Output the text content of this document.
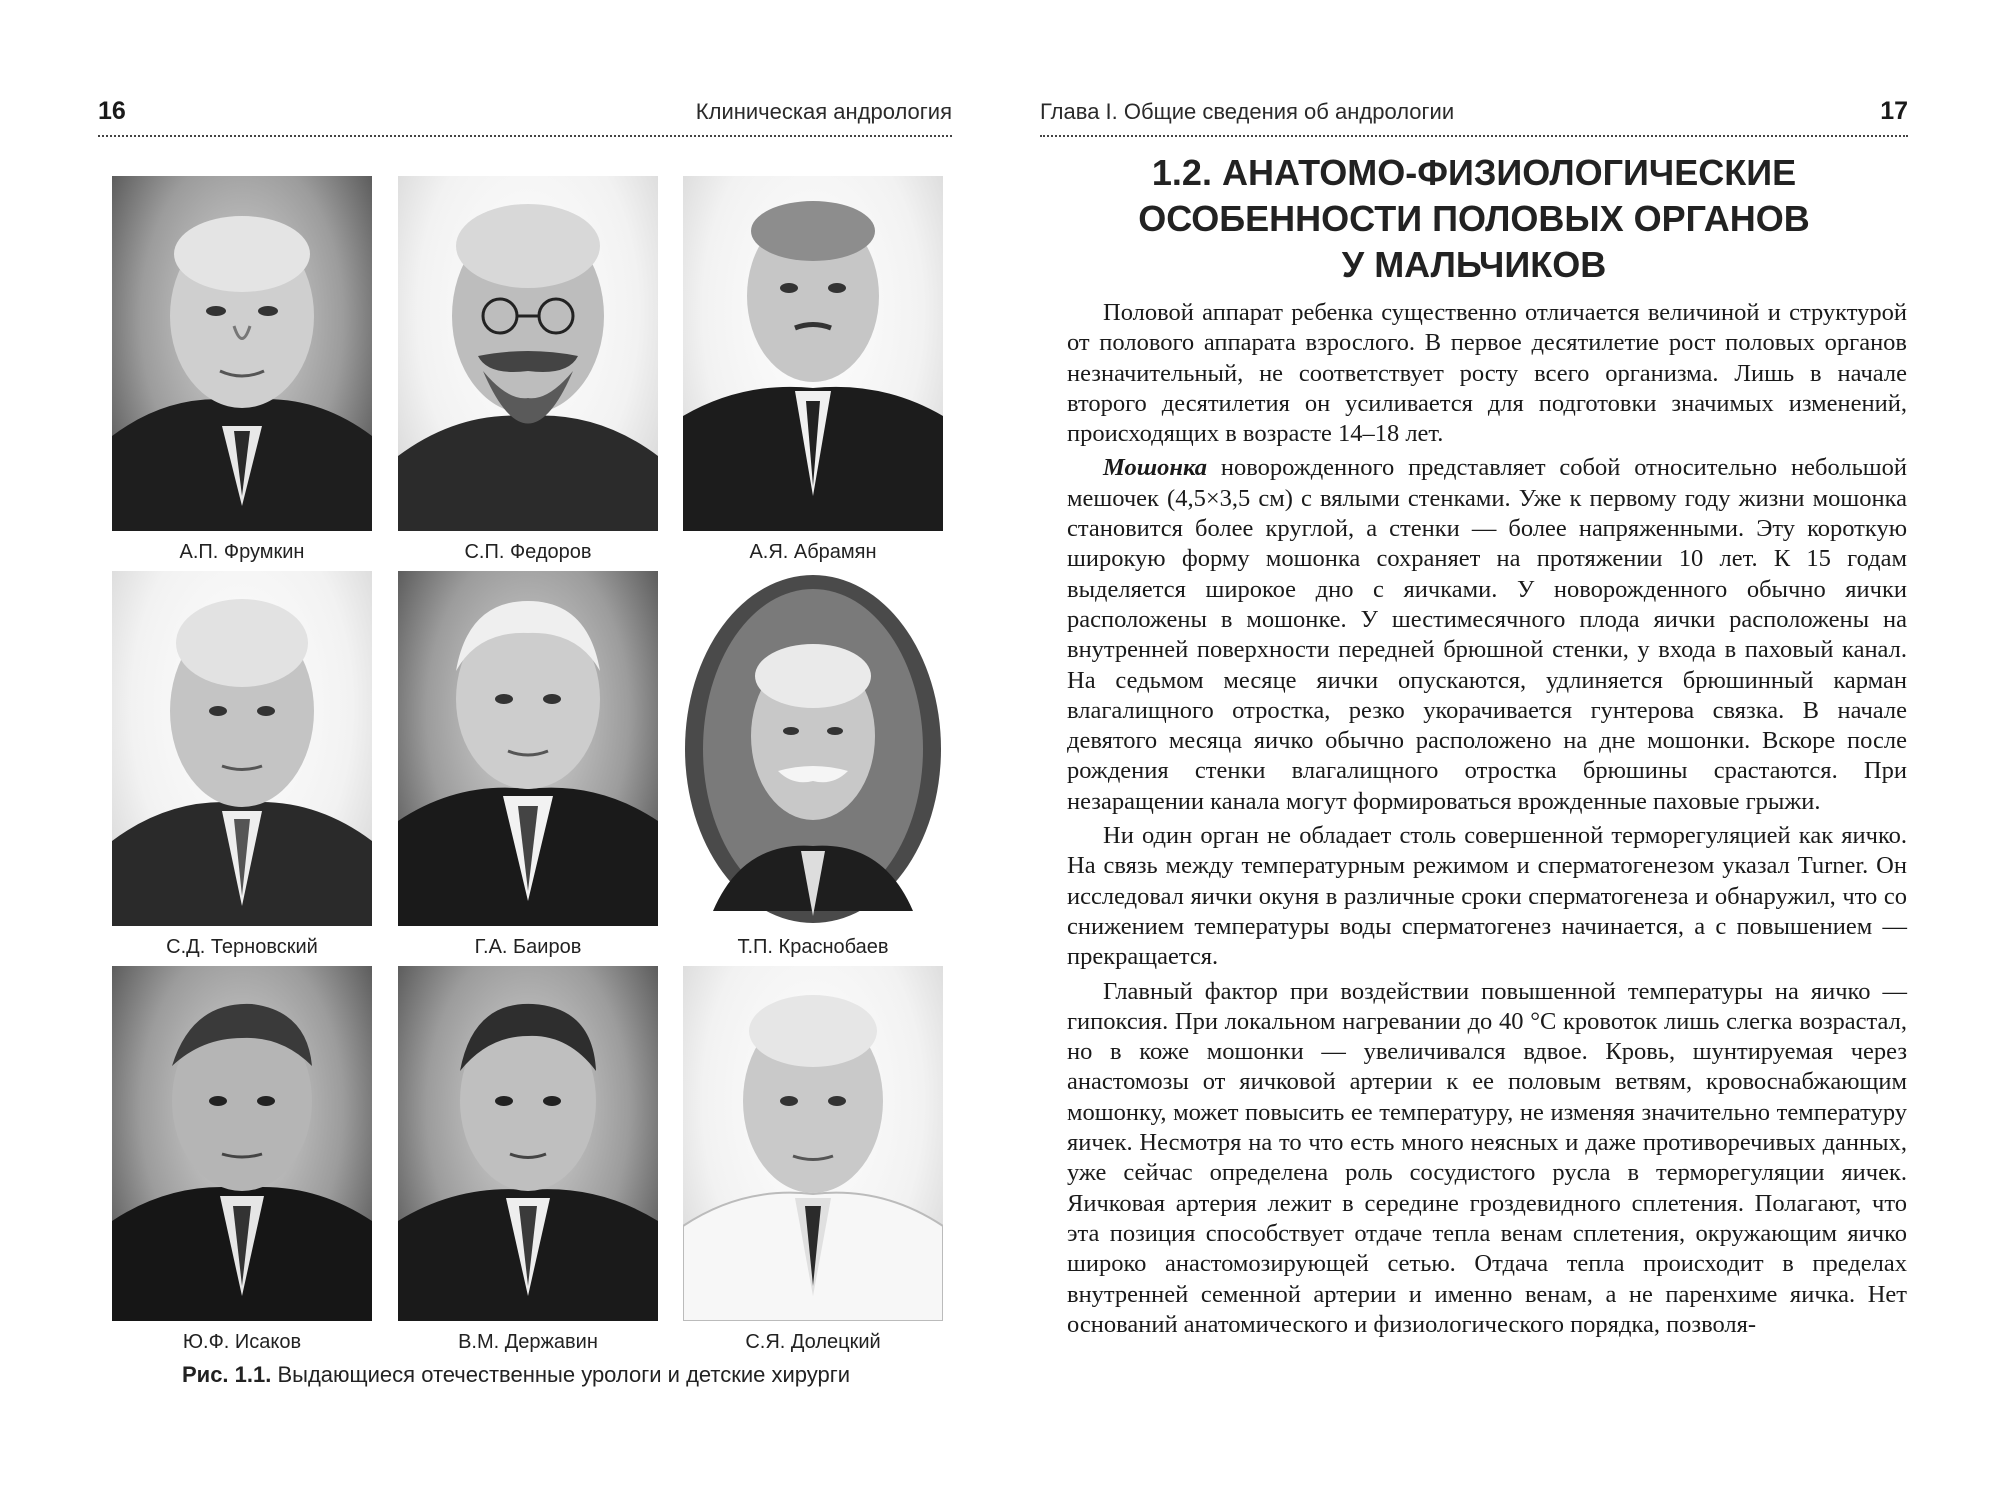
16	Клиническая андрология
А.П. Фрумкин	С.П. Федоров	А.Я. Абрамян
С.Д. Терновский	Г.А. Баиров	Т.П. Краснобаев
Ю.Ф. Исаков	В.М. Державин	С.Я. Долецкий
Рис. 1.1. Выдающиеся отечественные урологи и детские хирурги
Глава I. Общие сведения об андрологии	17
1.2. АНАТОМО-ФИЗИОЛОГИЧЕСКИЕ
ОСОБЕННОСТИ ПОЛОВЫХ ОРГАНОВ
У МАЛЬЧИКОВ

Половой аппарат ребенка существенно отличается величиной и структурой от полового аппарата взрослого. В первое десятилетие рост половых органов незначительный, не соответствует росту всего организма. Лишь в начале второго десятилетия он усиливается для подготовки значимых изменений, происходящих в возрасте 14–18 лет.

Мошонка новорожденного представляет собой относительно небольшой мешочек (4,5×3,5 см) с вялыми стенками. Уже к первому году жизни мошонка становится более круглой, а стенки — более напряженными. Эту короткую широкую форму мошонка сохраняет на протяжении 10 лет. К 15 годам выделяется широкое дно с яичками. У новорожденного обычно яички расположены в мошонке. У шестимесячного плода яички расположены на внутренней поверхности передней брюшной стенки, у входа в паховый канал. На седьмом месяце яички опускаются, удлиняется брюшинный карман влагалищного отростка, резко укорачивается гунтерова связка. В начале девятого месяца яичко обычно расположено на дне мошонки. Вскоре после рождения стенки влагалищного отростка брюшины срастаются. При незаращении канала могут формироваться врожденные паховые грыжи.

Ни один орган не обладает столь совершенной терморегуляцией как яичко. На связь между температурным режимом и сперматогенезом указал Turner. Он исследовал яички окуня в различные сроки сперматогенеза и обнаружил, что со снижением температуры воды сперматогенез начинается, а с повышением — прекращается.

Главный фактор при воздействии повышенной температуры на яичко — гипоксия. При локальном нагревании до 40 °С кровоток лишь слегка возрастал, но в коже мошонки — увеличивался вдвое. Кровь, шунтируемая через анастомозы от яичковой артерии к ее половым ветвям, кровоснабжающим мошонку, может повысить ее температуру, не изменяя значительно температуру яичек. Несмотря на то что есть много неясных и даже противоречивых данных, уже сейчас определена роль сосудистого русла в терморегуляции яичек. Яичковая артерия лежит в середине гроздевидного сплетения. Полагают, что эта позиция способствует отдаче тепла венам сплетения, окружающим яичко широко анастомозирующей сетью. Отдача тепла происходит в пределах внутренней семенной артерии и именно венам, а не паренхиме яичка. Нет оснований анатомического и физиологического порядка, позволя-
